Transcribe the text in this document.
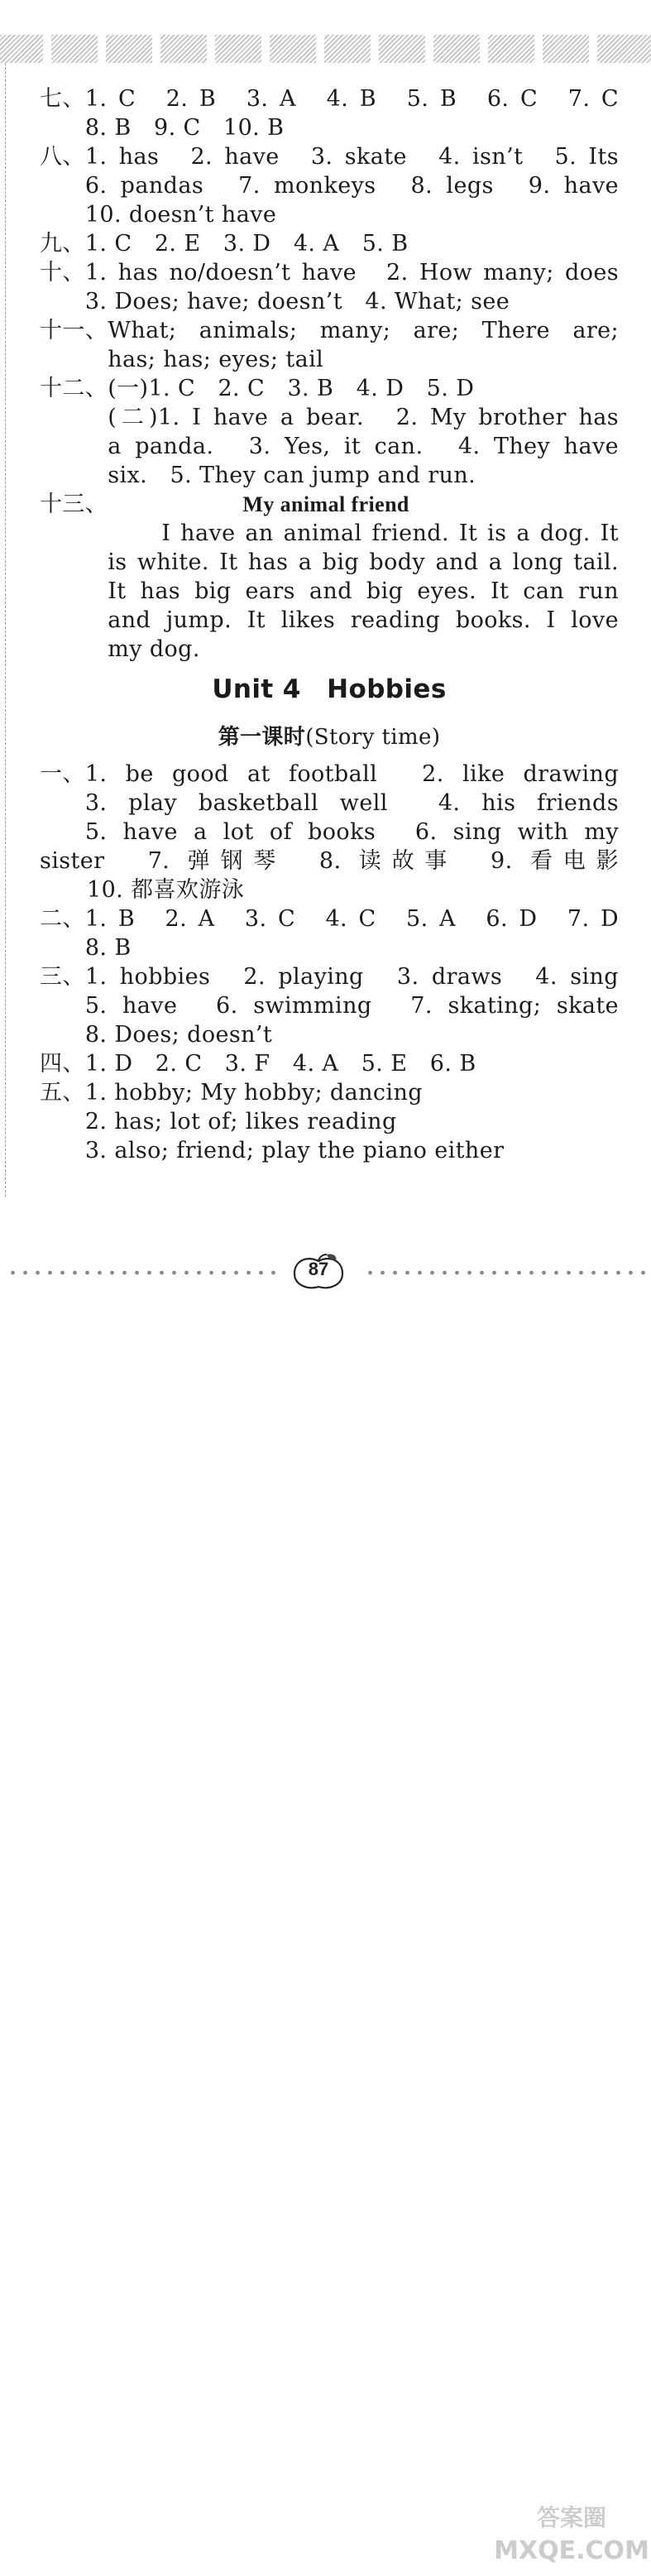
七、 1. C　2. B　3. A　4. B　5. B　6. C　7. C

8. B　9. C　10. B

八、 1. has　2. have　3. skate　4. isn’t　5. Its

6. pandas　7. monkeys　8. legs　9. have

10. doesn’t have

九、 1. C　2. E　3. D　4. A　5. B

十、 1. has no/doesn’t have　2. How many; does

3. Does; have; doesn’t　4. What; see

十一、 What; animals; many; are; There are;

has; has; eyes; tail

十二、 (一)1. C　2. C　3. B　4. D　5. D

(二)1. I have a bear.　2. My brother has

a panda.　3. Yes, it can.　4. They have

six.　5. They can jump and run.

十三、	My animal friend

I have an animal friend. It is a dog. It

is white. It has a big body and a long tail.

It has big ears and big eyes. It can run

and jump. It likes reading books. I love

my dog.

Unit 4　Hobbies

第一课时(Story time)

一、 1. be good at football　2. like drawing

3. play basketball well　4. his friends

5. have a lot of books　6. sing with my

sister　7. 弹钢琴　8. 读故事　9. 看电影

10. 都喜欢游泳

二、 1. B　2. A　3. C　4. C　5. A　6. D　7. D

8. B

三、 1. hobbies　2. playing　3. draws　4. sing

5. have　6. swimming　7. skating; skate

8. Does; doesn’t

四、 1. D　2. C　3. F　4. A　5. E　6. B

五、 1. hobby; My hobby; dancing

2. has; lot of; likes reading

3. also; friend; play the piano either

87
答案圈
MXQE.COM
